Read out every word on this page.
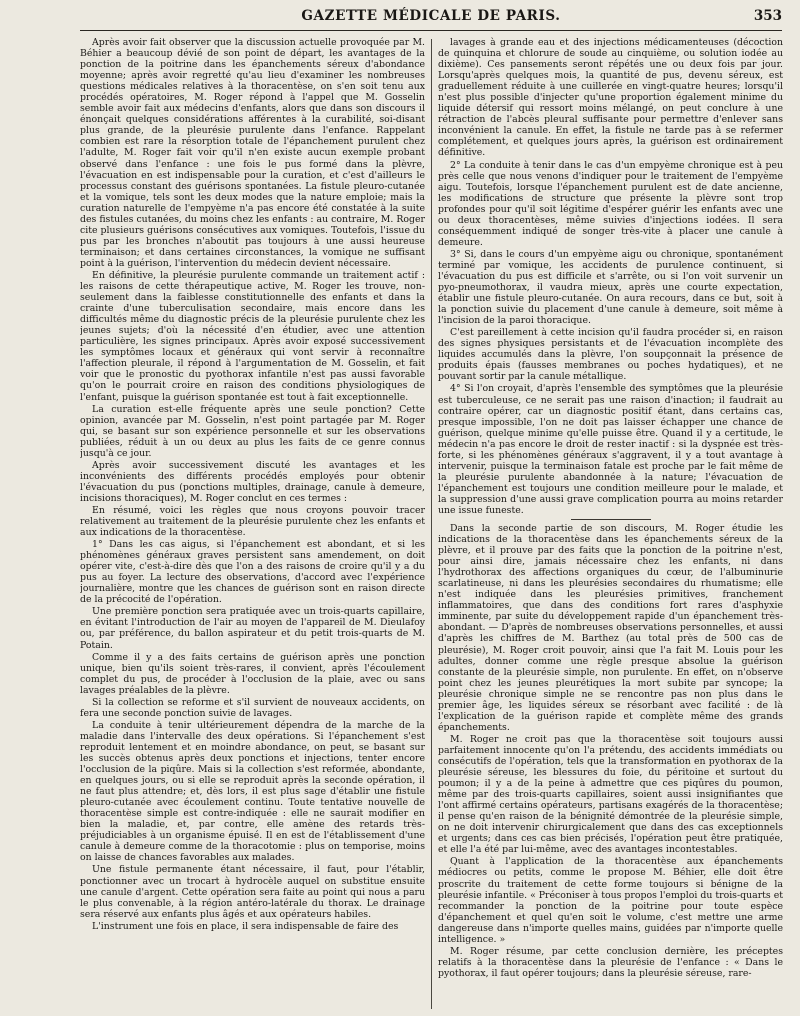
GAZETTE MÉDICALE DE PARIS.	353

Après avoir fait observer que la discussion actuelle provoquée par M. Béhier a beaucoup dévié de son point de départ, les avantages de la ponction de la poitrine dans les épanchements séreux d'abondance moyenne; après avoir regretté qu'au lieu d'examiner les nombreuses questions médicales relatives à la thoracentèse, on s'en soit tenu aux procédés opératoires, M. Roger répond à l'appel que M. Gosselin semble avoir fait aux médecins d'enfants, alors que dans son discours il énonçait quelques considérations afférentes à la curabilité, soi-disant plus grande, de la pleurésie purulente dans l'enfance. Rappelant combien est rare la résorption totale de l'épanchement purulent chez l'adulte, M. Roger fait voir qu'il n'en existe aucun exemple probant observé dans l'enfance : une fois le pus formé dans la plèvre, l'évacuation en est indispensable pour la curation, et c'est d'ailleurs le processus constant des guérisons spontanées. La fistule pleuro-cutanée et la vomique, tels sont les deux modes que la nature emploie; mais la curation naturelle de l'empyème n'a pas encore été constatée à la suite des fistules cutanées, du moins chez les enfants : au contraire, M. Roger cite plusieurs guérisons consécutives aux vomiques. Toutefois, l'issue du pus par les bronches n'aboutit pas toujours à une aussi heureuse terminaison; et dans certaines circonstances, la vomique ne suffisant point à la guérison, l'intervention du médecin devient nécessaire.

En définitive, la pleurésie purulente commande un traitement actif : les raisons de cette thérapeutique active, M. Roger les trouve, non-seulement dans la faiblesse constitutionnelle des enfants et dans la crainte d'une tuberculisation secondaire, mais encore dans les difficultés même du diagnostic précis de la pleurésie purulente chez les jeunes sujets; d'où la nécessité d'en étudier, avec une attention particulière, les signes principaux. Après avoir exposé successivement les symptômes locaux et généraux qui vont servir à reconnaître l'affection pleurale, il répond à l'argumentation de M. Gosselin, et fait voir que le pronostic du pyothorax infantile n'est pas aussi favorable qu'on le pourrait croire en raison des conditions physiologiques de l'enfant, puisque la guérison spontanée est tout à fait exceptionnelle.

La curation est-elle fréquente après une seule ponction? Cette opinion, avancée par M. Gosselin, n'est point partagée par M. Roger qui, se basant sur son expérience personnelle et sur les observations publiées, réduit à un ou deux au plus les faits de ce genre connus jusqu'à ce jour.

Après avoir successivement discuté les avantages et les inconvénients des différents procédés employés pour obtenir l'évacuation du pus (ponctions multiples, drainage, canule à demeure, incisions thoraciques), M. Roger conclut en ces termes :

En résumé, voici les règles que nous croyons pouvoir tracer relativement au traitement de la pleurésie purulente chez les enfants et aux indications de la thoracentèse.

1° Dans les cas aigus, si l'épanchement est abondant, et si les phénomènes généraux graves persistent sans amendement, on doit opérer vite, c'est-à-dire dès que l'on a des raisons de croire qu'il y a du pus au foyer. La lecture des observations, d'accord avec l'expérience journalière, montre que les chances de guérison sont en raison directe de la précocité de l'opération.

Une première ponction sera pratiquée avec un trois-quarts capillaire, en évitant l'introduction de l'air au moyen de l'appareil de M. Dieulafoy ou, par préférence, du ballon aspirateur et du petit trois-quarts de M. Potain.

Comme il y a des faits certains de guérison après une ponction unique, bien qu'ils soient très-rares, il convient, après l'écoulement complet du pus, de procéder à l'occlusion de la plaie, avec ou sans lavages préalables de la plèvre.

Si la collection se reforme et s'il survient de nouveaux accidents, on fera une seconde ponction suivie de lavages.

La conduite à tenir ultérieurement dépendra de la marche de la maladie dans l'intervalle des deux opérations. Si l'épanchement s'est reproduit lentement et en moindre abondance, on peut, se basant sur les succès obtenus après deux ponctions et injections, tenter encore l'occlusion de la piqûre. Mais si la collection s'est reformée, abondante, en quelques jours, ou si elle se reproduit après la seconde opération, il ne faut plus attendre; et, dès lors, il est plus sage d'établir une fistule pleuro-cutanée avec écoulement continu. Toute tentative nouvelle de thoracentèse simple est contre-indiquée : elle ne saurait modifier en bien la maladie, et, par contre, elle amène des retards très-préjudiciables à un organisme épuisé. Il en est de l'établissement d'une canule à demeure comme de la thoracotomie : plus on temporise, moins on laisse de chances favorables aux malades.

Une fistule permanente étant nécessaire, il faut, pour l'établir, ponctionner avec un trocart à hydrocèle auquel on substitue ensuite une canule d'argent. Cette opération sera faite au point qui nous a paru le plus convenable, à la région antéro-latérale du thorax. Le drainage sera réservé aux enfants plus âgés et aux opérateurs habiles.

L'instrument une fois en place, il sera indispensable de faire des

lavages à grande eau et des injections médicamenteuses (décoction de quinquina et chlorure de soude au cinquième, ou solution iodée au dixième). Ces pansements seront répétés une ou deux fois par jour. Lorsqu'après quelques mois, la quantité de pus, devenu séreux, est graduellement réduite à une cuillerée en vingt-quatre heures; lorsqu'il n'est plus possible d'injecter qu'une proportion également minime du liquide détersif qui ressort moins mélangé, on peut conclure à une rétraction de l'abcès pleural suffisante pour permettre d'enlever sans inconvénient la canule. En effet, la fistule ne tarde pas à se refermer complétement, et quelques jours après, la guérison est ordinairement définitive.

2° La conduite à tenir dans le cas d'un empyème chronique est à peu près celle que nous venons d'indiquer pour le traitement de l'empyème aigu. Toutefois, lorsque l'épanchement purulent est de date ancienne, les modifications de structure que présente la plèvre sont trop profondes pour qu'il soit légitime d'espérer guérir les enfants avec une ou deux thoracentèses, même suivies d'injections iodées. Il sera conséquemment indiqué de songer très-vite à placer une canule à demeure.

3° Si, dans le cours d'un empyème aigu ou chronique, spontanément terminé par vomique, les accidents de purulence continuent, si l'évacuation du pus est difficile et s'arrête, ou si l'on voit survenir un pyo-pneumothorax, il vaudra mieux, après une courte expectation, établir une fistule pleuro-cutanée. On aura recours, dans ce but, soit à la ponction suivie du placement d'une canule à demeure, soit même à l'incision de la paroi thoracique.

C'est pareillement à cette incision qu'il faudra procéder si, en raison des signes physiques persistants et de l'évacuation incomplète des liquides accumulés dans la plèvre, l'on soupçonnait la présence de produits épais (fausses membranes ou poches hydatiques), et ne pouvant sortir par la canule métallique.

4° Si l'on croyait, d'après l'ensemble des symptômes que la pleurésie est tuberculeuse, ce ne serait pas une raison d'inaction; il faudrait au contraire opérer, car un diagnostic positif étant, dans certains cas, presque impossible, l'on ne doit pas laisser échapper une chance de guérison, quelque minime qu'elle puisse être. Quand il y a certitude, le médecin n'a pas encore le droit de rester inactif : si la dyspnée est très-forte, si les phénomènes généraux s'aggravent, il y a tout avantage à intervenir, puisque la terminaison fatale est proche par le fait même de la pleurésie purulente abandonnée à la nature; l'évacuation de l'épanchement est toujours une condition meilleure pour le malade, et la suppression d'une aussi grave complication pourra au moins retarder une issue funeste.

Dans la seconde partie de son discours, M. Roger étudie les indications de la thoracentèse dans les épanchements séreux de la plèvre, et il prouve par des faits que la ponction de la poitrine n'est, pour ainsi dire, jamais nécessaire chez les enfants, ni dans l'hydrothorax des affections organiques du cœur, de l'albuminurie scarlatineuse, ni dans les pleurésies secondaires du rhumatisme; elle n'est indiquée dans les pleurésies primitives, franchement inflammatoires, que dans des conditions fort rares d'asphyxie imminente, par suite du développement rapide d'un épanchement très-abondant. — D'après de nombreuses observations personnelles, et aussi d'après les chiffres de M. Barthez (au total près de 500 cas de pleurésie), M. Roger croit pouvoir, ainsi que l'a fait M. Louis pour les adultes, donner comme une règle presque absolue la guérison constante de la pleurésie simple, non purulente. En effet, on n'observe point chez les jeunes pleurétiques la mort subite par syncope; la pleurésie chronique simple ne se rencontre pas non plus dans le premier âge, les liquides séreux se résorbant avec facilité : de là l'explication de la guérison rapide et complète même des grands épanchements.

M. Roger ne croit pas que la thoracentèse soit toujours aussi parfaitement innocente qu'on l'a prétendu, des accidents immédiats ou consécutifs de l'opération, tels que la transformation en pyothorax de la pleurésie séreuse, les blessures du foie, du péritoine et surtout du poumon; il y a de la peine à admettre que ces piqûres du poumon, même par des trois-quarts capillaires, soient aussi insignifiantes que l'ont affirmé certains opérateurs, partisans exagérés de la thoracentèse; il pense qu'en raison de la bénignité démontrée de la pleurésie simple, on ne doit intervenir chirurgicalement que dans des cas exceptionnels et urgents; dans ces cas bien précisés, l'opération peut être pratiquée, et elle l'a été par lui-même, avec des avantages incontestables.

Quant à l'application de la thoracentèse aux épanchements médiocres ou petits, comme le propose M. Béhier, elle doit être proscrite du traitement de cette forme toujours si bénigne de la pleurésie infantile. « Préconiser à tous propos l'emploi du trois-quarts et recommander la ponction de la poitrine pour toute espèce d'épanchement et quel qu'en soit le volume, c'est mettre une arme dangereuse dans n'importe quelles mains, guidées par n'importe quelle intelligence. »

M. Roger résume, par cette conclusion dernière, les préceptes relatifs à la thoracentèse dans la pleurésie de l'enfance : « Dans le pyothorax, il faut opérer toujours; dans la pleurésie séreuse, rare-
